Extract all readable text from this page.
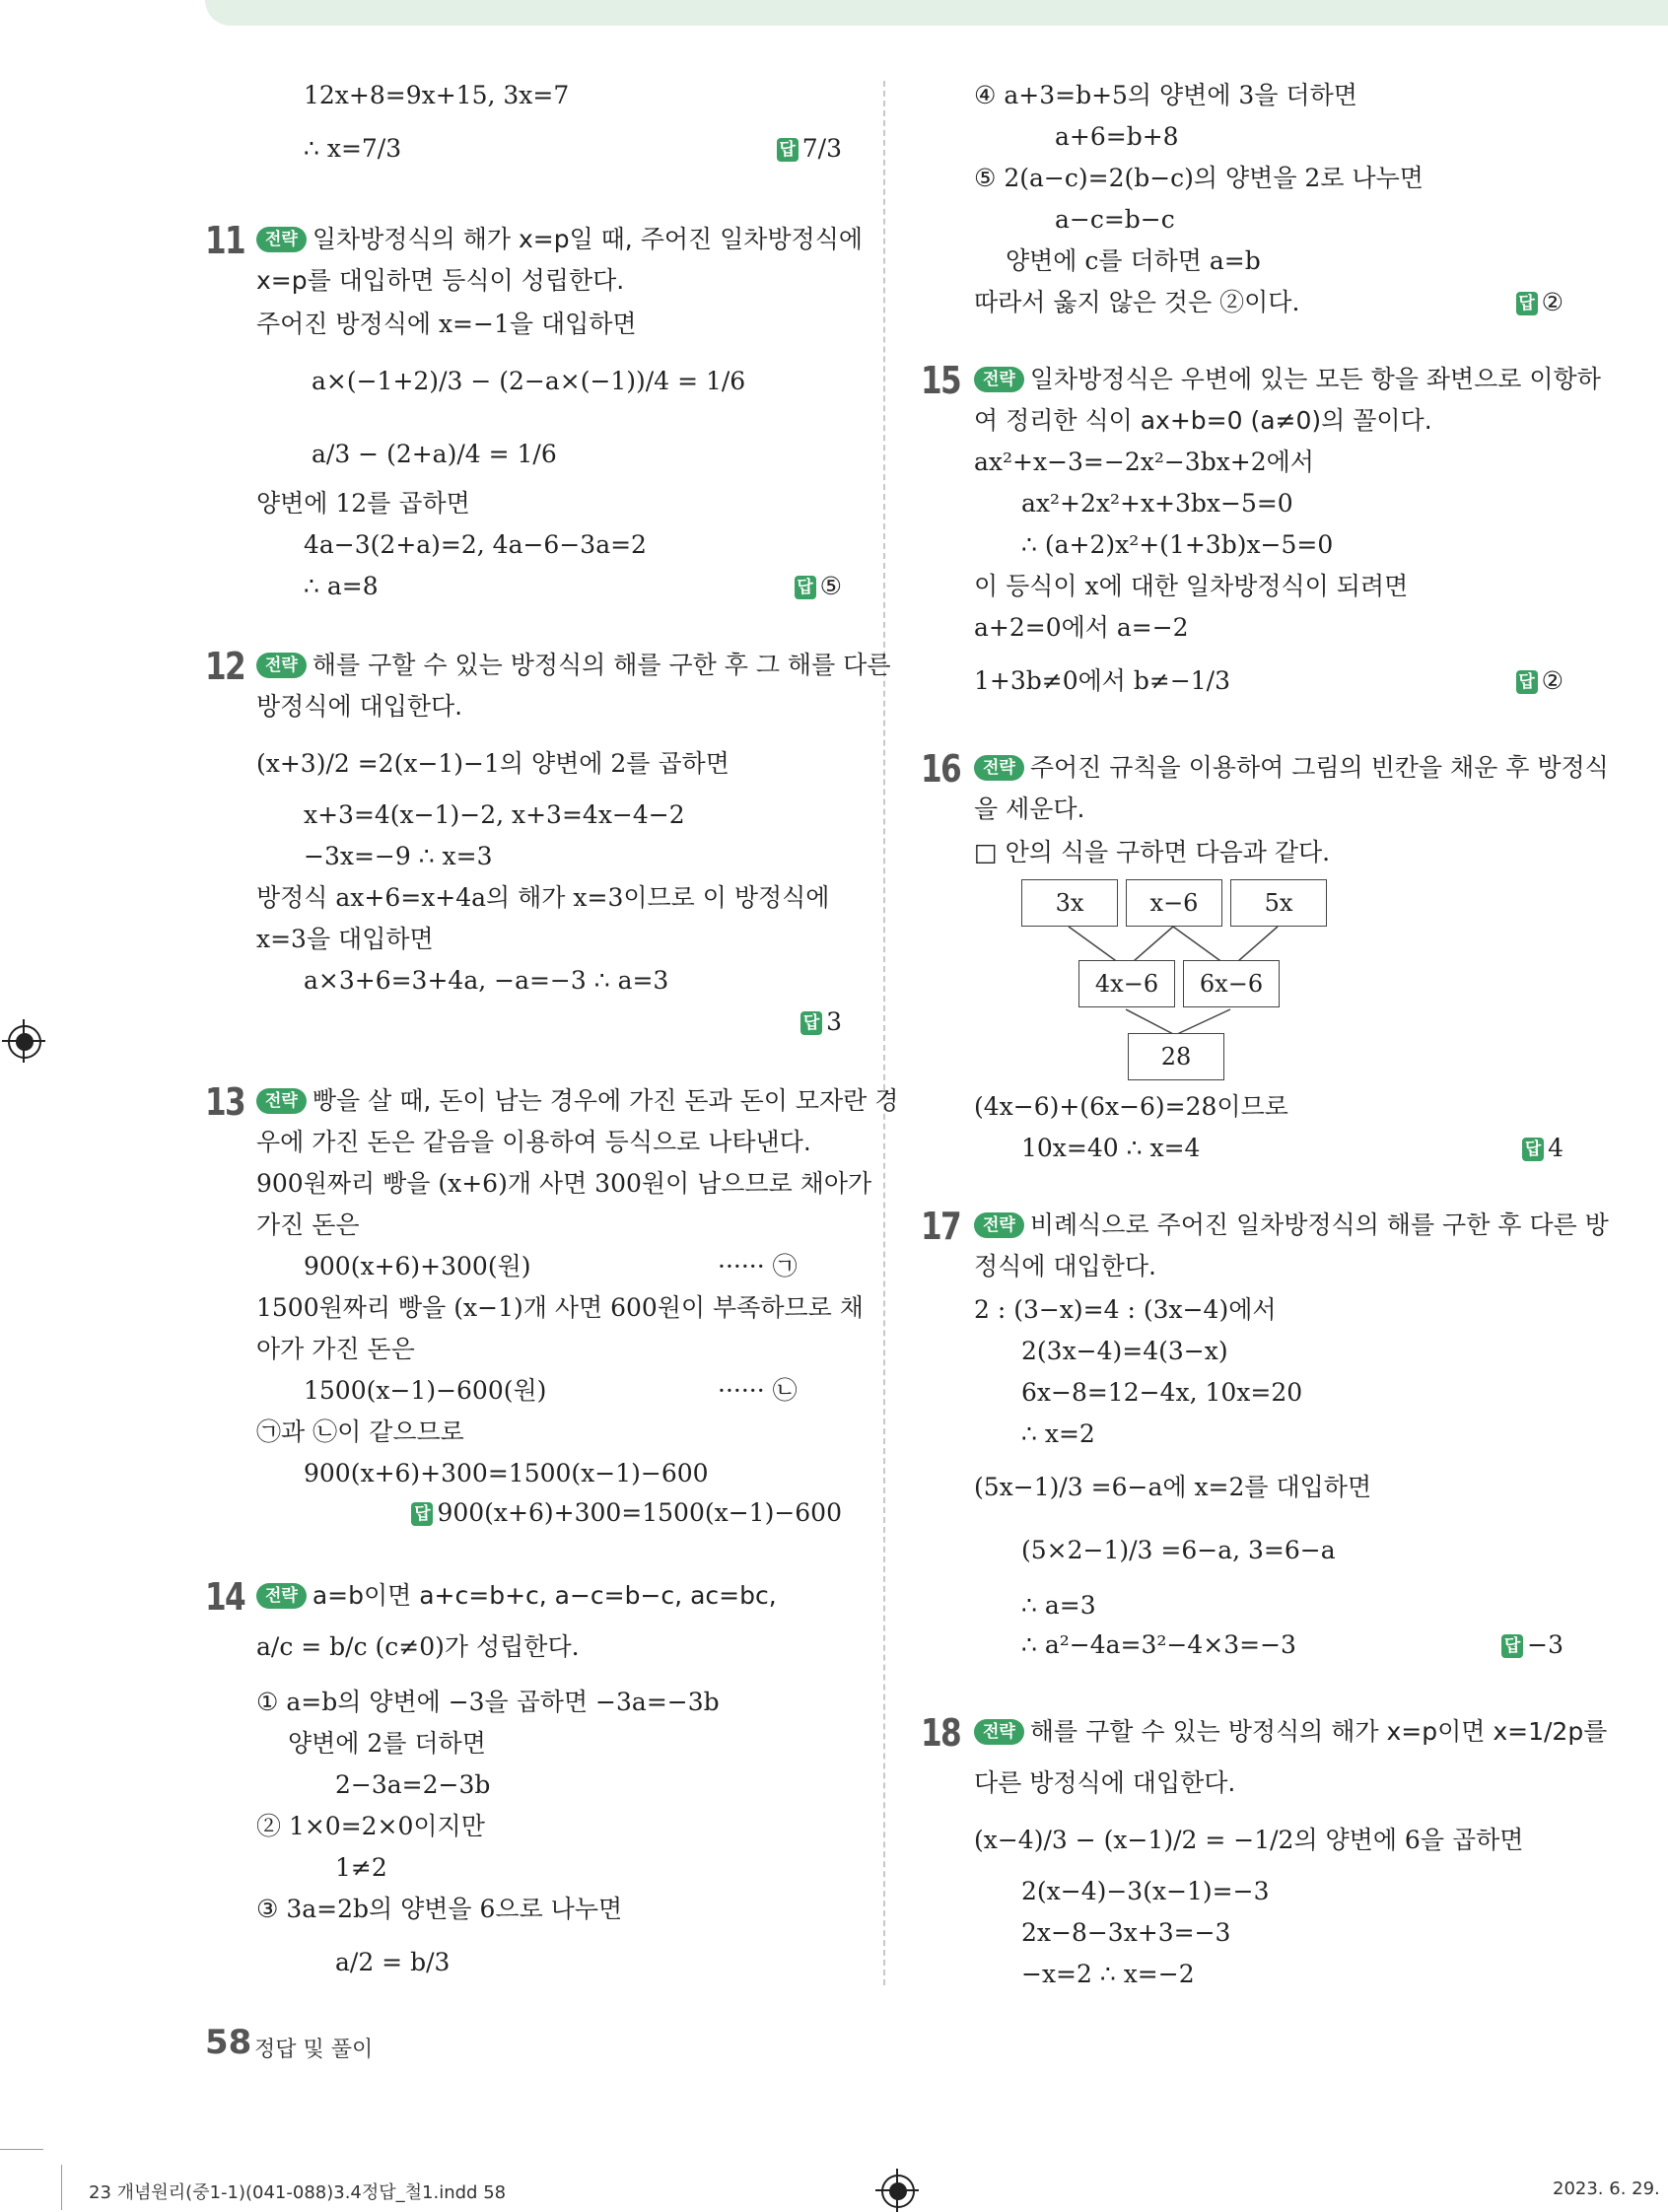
12x+8=9x+15, 3x=7
∴ x=7/3	답 7/3
11	전략 일차방정식의 해가 x=p일 때, 주어진 일차방정식에
x=p를 대입하면 등식이 성립한다.
주어진 방정식에 x=−1을 대입하면
a×(−1+2)/3 − (2−a×(−1))/4 = 1/6
a/3 − (2+a)/4 = 1/6
양변에 12를 곱하면
4a−3(2+a)=2, 4a−6−3a=2
∴ a=8	답 ⑤
12	전략 해를 구할 수 있는 방정식의 해를 구한 후 그 해를 다른
방정식에 대입한다.
(x+3)/2 =2(x−1)−1의 양변에 2를 곱하면
x+3=4(x−1)−2, x+3=4x−4−2
−3x=−9 ∴ x=3
방정식 ax+6=x+4a의 해가 x=3이므로 이 방정식에
x=3을 대입하면
a×3+6=3+4a, −a=−3 ∴ a=3
답 3
13	전략 빵을 살 때, 돈이 남는 경우에 가진 돈과 돈이 모자란 경
우에 가진 돈은 같음을 이용하여 등식으로 나타낸다.
900원짜리 빵을 (x+6)개 사면 300원이 남으므로 채아가
가진 돈은
900(x+6)+300(원)	······ ㉠
1500원짜리 빵을 (x−1)개 사면 600원이 부족하므로 채
아가 가진 돈은
1500(x−1)−600(원)	······ ㉡
㉠과 ㉡이 같으므로
900(x+6)+300=1500(x−1)−600
답 900(x+6)+300=1500(x−1)−600
14	전략 a=b이면 a+c=b+c, a−c=b−c, ac=bc,
a/c = b/c (c≠0)가 성립한다.
① a=b의 양변에 −3을 곱하면 −3a=−3b
양변에 2를 더하면
2−3a=2−3b
② 1×0=2×0이지만
1≠2
③ 3a=2b의 양변을 6으로 나누면
a/2 = b/3
④ a+3=b+5의 양변에 3을 더하면
a+6=b+8
⑤ 2(a−c)=2(b−c)의 양변을 2로 나누면
a−c=b−c
양변에 c를 더하면 a=b
따라서 옳지 않은 것은 ②이다.	답 ②
15	전략 일차방정식은 우변에 있는 모든 항을 좌변으로 이항하
여 정리한 식이 ax+b=0 (a≠0)의 꼴이다.
ax²+x−3=−2x²−3bx+2에서
ax²+2x²+x+3bx−5=0
∴ (a+2)x²+(1+3b)x−5=0
이 등식이 x에 대한 일차방정식이 되려면
a+2=0에서 a=−2
1+3b≠0에서 b≠−1/3	답 ②
16	전략 주어진 규칙을 이용하여 그림의 빈칸을 채운 후 방정식
을 세운다.
□ 안의 식을 구하면 다음과 같다.
3x	x−6	5x
4x−6	6x−6
28
(4x−6)+(6x−6)=28이므로
10x=40 ∴ x=4	답 4
17	전략 비례식으로 주어진 일차방정식의 해를 구한 후 다른 방
정식에 대입한다.
2 : (3−x)=4 : (3x−4)에서
2(3x−4)=4(3−x)
6x−8=12−4x, 10x=20
∴ x=2
(5x−1)/3 =6−a에 x=2를 대입하면
(5×2−1)/3 =6−a, 3=6−a
∴ a=3
∴ a²−4a=3²−4×3=−3	답 −3
18	전략 해를 구할 수 있는 방정식의 해가 x=p이면 x=1/2p를
다른 방정식에 대입한다.
(x−4)/3 − (x−1)/2 = −1/2의 양변에 6을 곱하면
2(x−4)−3(x−1)=−3
2x−8−3x+3=−3
−x=2 ∴ x=−2
58 정답 및 풀이
23 개념원리(중1-1)(041-088)3.4정답_철1.indd 58	2023. 6. 29.
